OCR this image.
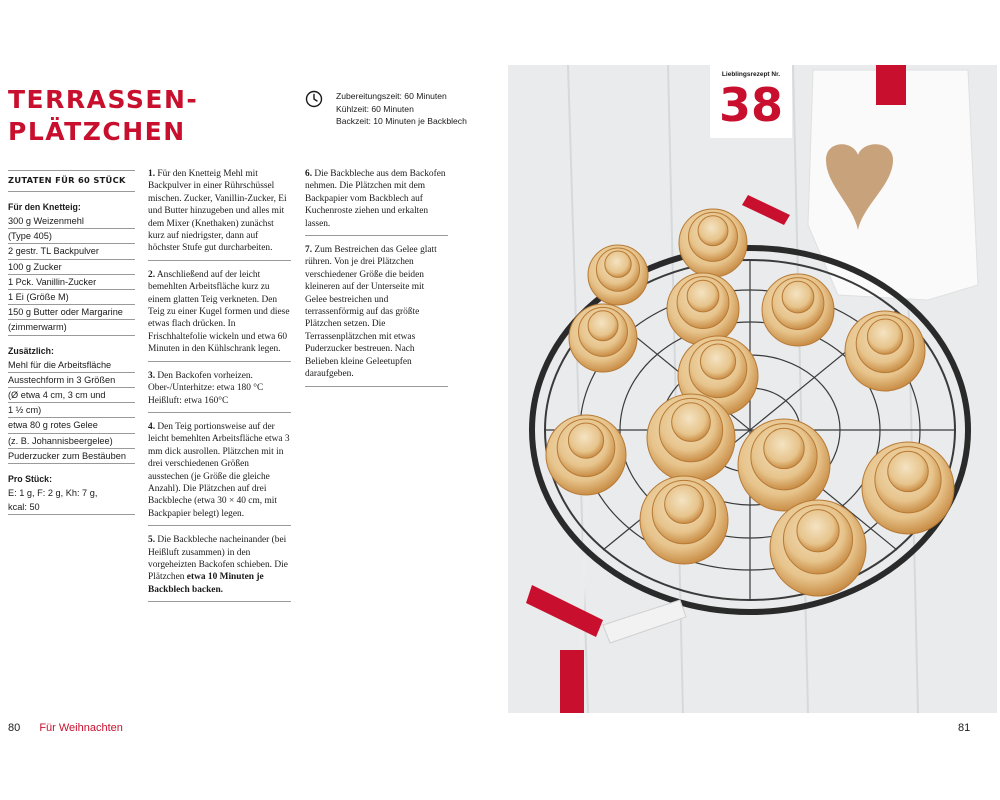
TERRASSEN-
PLÄTZCHEN
Zubereitungszeit: 60 Minuten
Kühlzeit: 60 Minuten
Backzeit: 10 Minuten je Backblech
ZUTATEN FÜR 60 STÜCK
Für den Knetteig:
300 g Weizenmehl
(Type 405)
2 gestr. TL Backpulver
100 g Zucker
1 Pck. Vanillin-Zucker
1 Ei (Größe M)
150 g Butter oder Margarine
(zimmerwarm)
Zusätzlich:
Mehl für die Arbeitsfläche
Ausstechform in 3 Größen
(Ø etwa 4 cm, 3 cm und
1 ½ cm)
etwa 80 g rotes Gelee
(z. B. Johannisbeergelee)
Puderzucker zum Bestäuben
Pro Stück:
E: 1 g, F: 2 g, Kh: 7 g,
kcal: 50
1. Für den Knetteig Mehl mit Backpulver in einer Rührschüssel mischen. Zucker, Vanillin-Zucker, Ei und Butter hinzugeben und alles mit dem Mixer (Knethaken) zunächst kurz auf niedrigster, dann auf höchster Stufe gut durcharbeiten.
2. Anschließend auf der leicht bemehlten Arbeitsfläche kurz zu einem glatten Teig verkneten. Den Teig zu einer Kugel formen und diese etwas flach drücken. In Frischhaltefolie wickeln und etwa 60 Minuten in den Kühlschrank legen.
3. Den Backofen vorheizen. Ober-/Unterhitze: etwa 180 °C Heißluft: etwa 160°C
4. Den Teig portionsweise auf der leicht bemehlten Arbeitsfläche etwa 3 mm dick ausrollen. Plätzchen mit in drei verschiedenen Größen ausstechen (je Größe die gleiche Anzahl). Die Plätzchen auf drei Backbleche (etwa 30 × 40 cm, mit Backpapier belegt) legen.
5. Die Backbleche nacheinander (bei Heißluft zusammen) in den vorgeheizten Backofen schieben. Die Plätzchen etwa 10 Minuten je Backblech backen.
6. Die Backbleche aus dem Backofen nehmen. Die Plätzchen mit dem Backpapier vom Backblech auf Kuchenroste ziehen und erkalten lassen.
7. Zum Bestreichen das Gelee glatt rühren. Von je drei Plätzchen verschiedener Größe die beiden kleineren auf der Unterseite mit Gelee bestreichen und terrassenförmig auf das größte Plätzchen setzen. Die Terrassenplätzchen mit etwas Puderzucker bestreuen. Nach Belieben kleine Geleetupfen daraufgeben.
Lieblingsrezept Nr.
38
80 Für Weihnachten	81
